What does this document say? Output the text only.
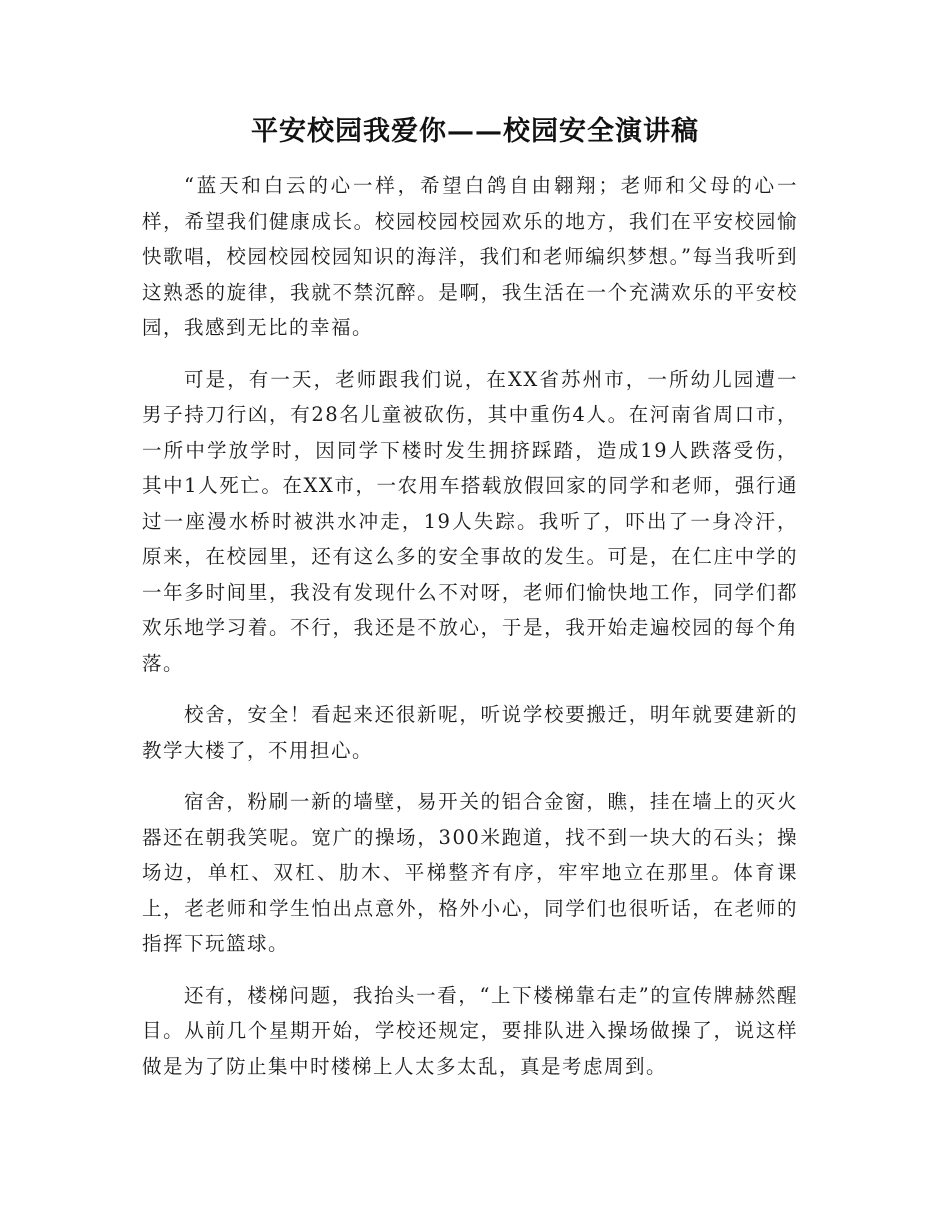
平安校园我爱你——校园安全演讲稿

“蓝天和白云的心一样，希望白鸽自由翱翔；老师和父母的心一样，希望我们健康成长。校园校园校园欢乐的地方，我们在平安校园愉快歌唱，校园校园校园知识的海洋，我们和老师编织梦想。”每当我听到这熟悉的旋律，我就不禁沉醉。是啊，我生活在一个充满欢乐的平安校园，我感到无比的幸福。

可是，有一天，老师跟我们说，在XX省苏州市，一所幼儿园遭一男子持刀行凶，有28名儿童被砍伤，其中重伤4人。在河南省周口市，一所中学放学时，因同学下楼时发生拥挤踩踏，造成19人跌落受伤，其中1人死亡。在XX市，一农用车搭载放假回家的同学和老师，强行通过一座漫水桥时被洪水冲走，19人失踪。我听了，吓出了一身冷汗，原来，在校园里，还有这么多的安全事故的发生。可是，在仁庄中学的一年多时间里，我没有发现什么不对呀，老师们愉快地工作，同学们都欢乐地学习着。不行，我还是不放心，于是，我开始走遍校园的每个角落。

校舍，安全！看起来还很新呢，听说学校要搬迁，明年就要建新的教学大楼了，不用担心。

宿舍，粉刷一新的墙壁，易开关的铝合金窗，瞧，挂在墙上的灭火器还在朝我笑呢。宽广的操场，300米跑道，找不到一块大的石头；操场边，单杠、双杠、肋木、平梯整齐有序，牢牢地立在那里。体育课上，老老师和学生怕出点意外，格外小心，同学们也很听话，在老师的指挥下玩篮球。

还有，楼梯问题，我抬头一看，“上下楼梯靠右走”的宣传牌赫然醒目。从前几个星期开始，学校还规定，要排队进入操场做操了，说这样做是为了防止集中时楼梯上人太多太乱，真是考虑周到。
